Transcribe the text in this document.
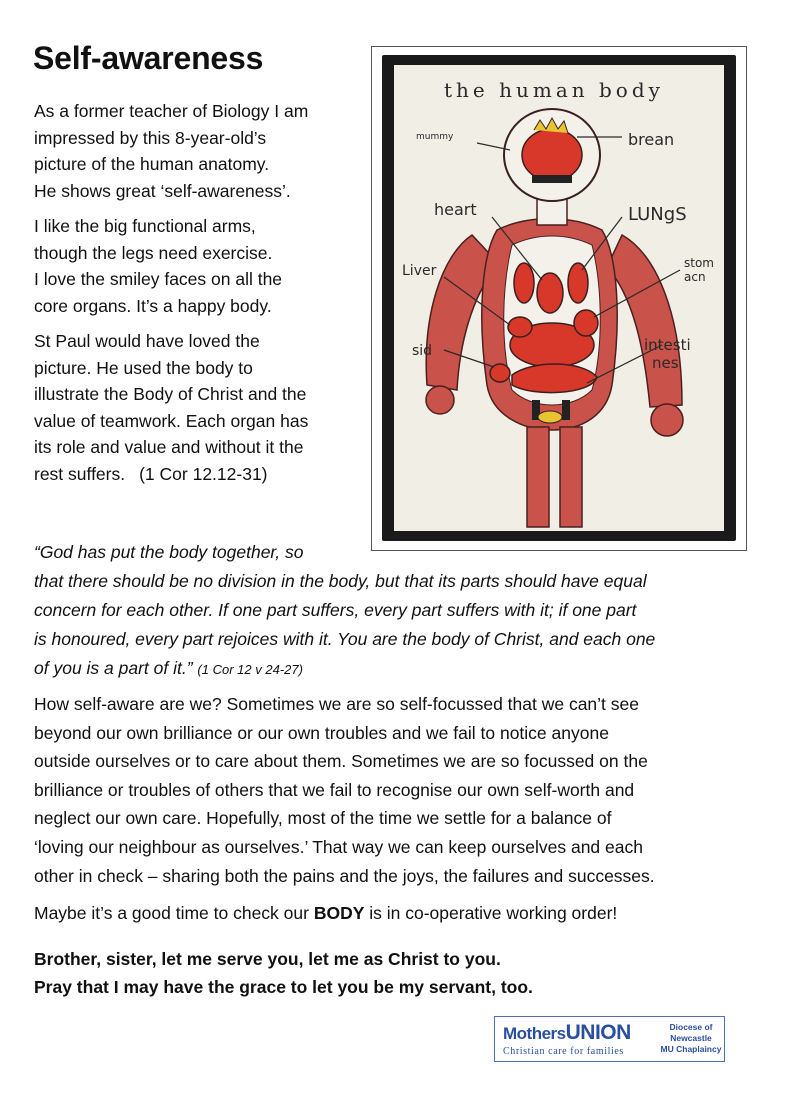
Self-awareness

As a former teacher of Biology I am
impressed by this 8-year-old’s
picture of the human anatomy.
He shows great ‘self-awareness’.

I like the big functional arms,
though the legs need exercise.
I love the smiley faces on all the
core organs. It’s a happy body.

St Paul would have loved the
picture. He used the body to
illustrate the Body of Christ and the
value of teamwork. Each organ has
its role and value and without it the
rest suffers. (1 Cor 12.12-31)

the human body
mummy	brean
heart	LUNgS
stom
acn
Liver
sid	intesti
nes
“God has put the body together, so
that there should be no division in the body, but that its parts should have equal
concern for each other. If one part suffers, every part suffers with it; if one part
is honoured, every part rejoices with it. You are the body of Christ, and each one
of you is a part of it.” (1 Cor 12 v 24-27)
How self-aware are we? Sometimes we are so self-focussed that we can’t see
beyond our own brilliance or our own troubles and we fail to notice anyone
outside ourselves or to care about them. Sometimes we are so focussed on the
brilliance or troubles of others that we fail to recognise our own self-worth and
neglect our own care. Hopefully, most of the time we settle for a balance of
‘loving our neighbour as ourselves.’ That way we can keep ourselves and each
other in check – sharing both the pains and the joys, the failures and successes.
Maybe it’s a good time to check our BODY is in co-operative working order!
Brother, sister, let me serve you, let me as Christ to you.
Pray that I may have the grace to let you be my servant, too.
MothersUNION
Christian care for families
Diocese of
Newcastle
MU Chaplaincy
